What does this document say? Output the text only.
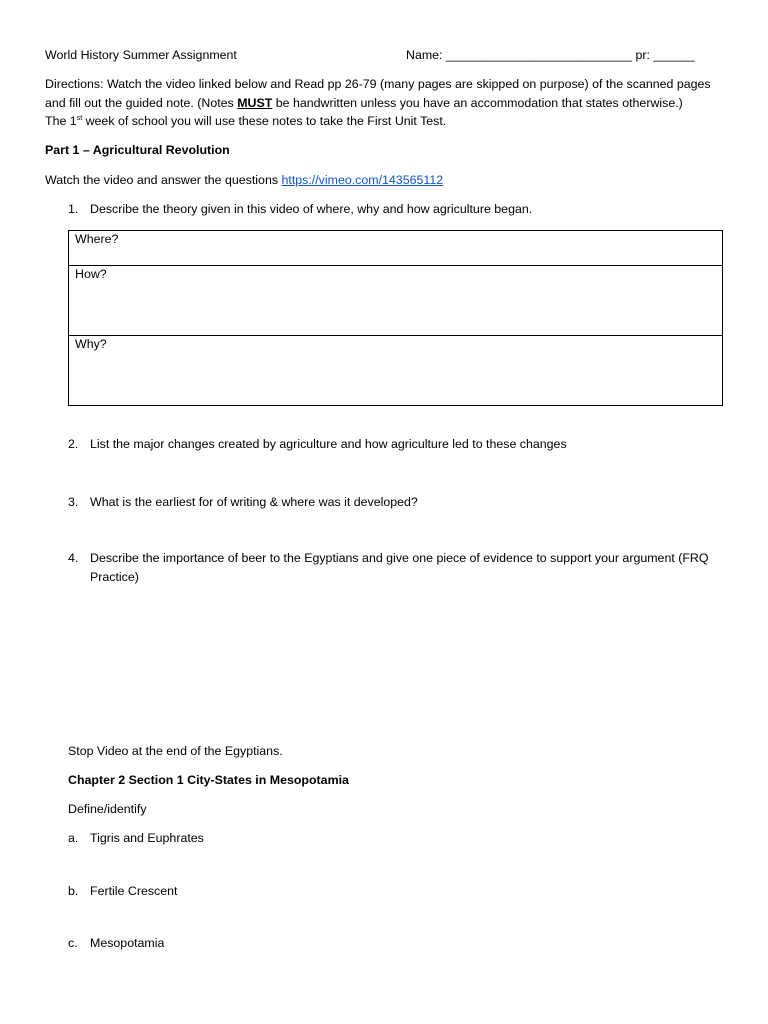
World History Summer Assignment	Name: ___________________________ pr: ______
Directions: Watch the video linked below and Read pp 26-79 (many pages are skipped on purpose) of the scanned pages
and fill out the guided note. (Notes MUST be handwritten unless you have an accommodation that states otherwise.)
The 1st week of school you will use these notes to take the First Unit Test.
Part 1 – Agricultural Revolution
Watch the video and answer the questions https://vimeo.com/143565112
1. Describe the theory given in this video of where, why and how agriculture began.
Where?
How?
Why?
2. List the major changes created by agriculture and how agriculture led to these changes
3. What is the earliest for of writing & where was it developed?
4. Describe the importance of beer to the Egyptians and give one piece of evidence to support your argument (FRQ
Practice)
Stop Video at the end of the Egyptians.
Chapter 2 Section 1 City-States in Mesopotamia
Define/identify
a. Tigris and Euphrates
b. Fertile Crescent
c. Mesopotamia
